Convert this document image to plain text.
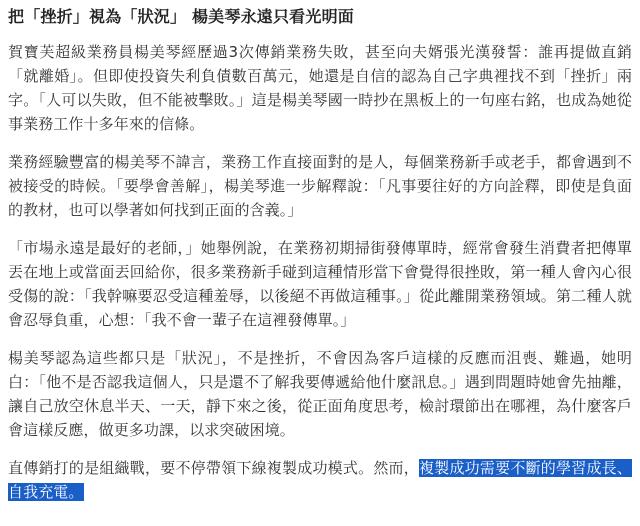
把「挫折」視為「狀況」 楊美琴永遠只看光明面

賀寶芙超級業務員楊美琴經歷過3次傳銷業務失敗，甚至向夫婿張光漢發誓：誰再提做直銷「就離婚」。但即使投資失利負債數百萬元，她還是自信的認為自己字典裡找不到「挫折」兩字。「人可以失敗，但不能被擊敗。」這是楊美琴國一時抄在黑板上的一句座右銘，也成為她從事業務工作十多年來的信條。

業務經驗豐富的楊美琴不諱言，業務工作直接面對的是人，每個業務新手或老手，都會遇到不被接受的時候。「要學會善解」，楊美琴進一步解釋說：「凡事要往好的方向詮釋，即使是負面的教材，也可以學著如何找到正面的含義。」

「市場永遠是最好的老師，」她舉例說，在業務初期掃街發傳單時，經常會發生消費者把傳單丟在地上或當面丟回給你，很多業務新手碰到這種情形當下會覺得很挫敗，第一種人會內心很受傷的說：「我幹嘛要忍受這種羞辱，以後絕不再做這種事。」從此離開業務領域。第二種人就會忍辱負重，心想：「我不會一輩子在這裡發傳單。」

楊美琴認為這些都只是「狀況」，不是挫折，不會因為客戶這樣的反應而沮喪、難過，她明白：「他不是否認我這個人，只是還不了解我要傳遞給他什麼訊息。」遇到問題時她會先抽離，讓自己放空休息半天、一天，靜下來之後，從正面角度思考，檢討環節出在哪裡，為什麼客戶會這樣反應，做更多功課，以求突破困境。

直傳銷打的是組織戰，要不停帶領下線複製成功模式。然而，複製成功需要不斷的學習成長、自我充電。
